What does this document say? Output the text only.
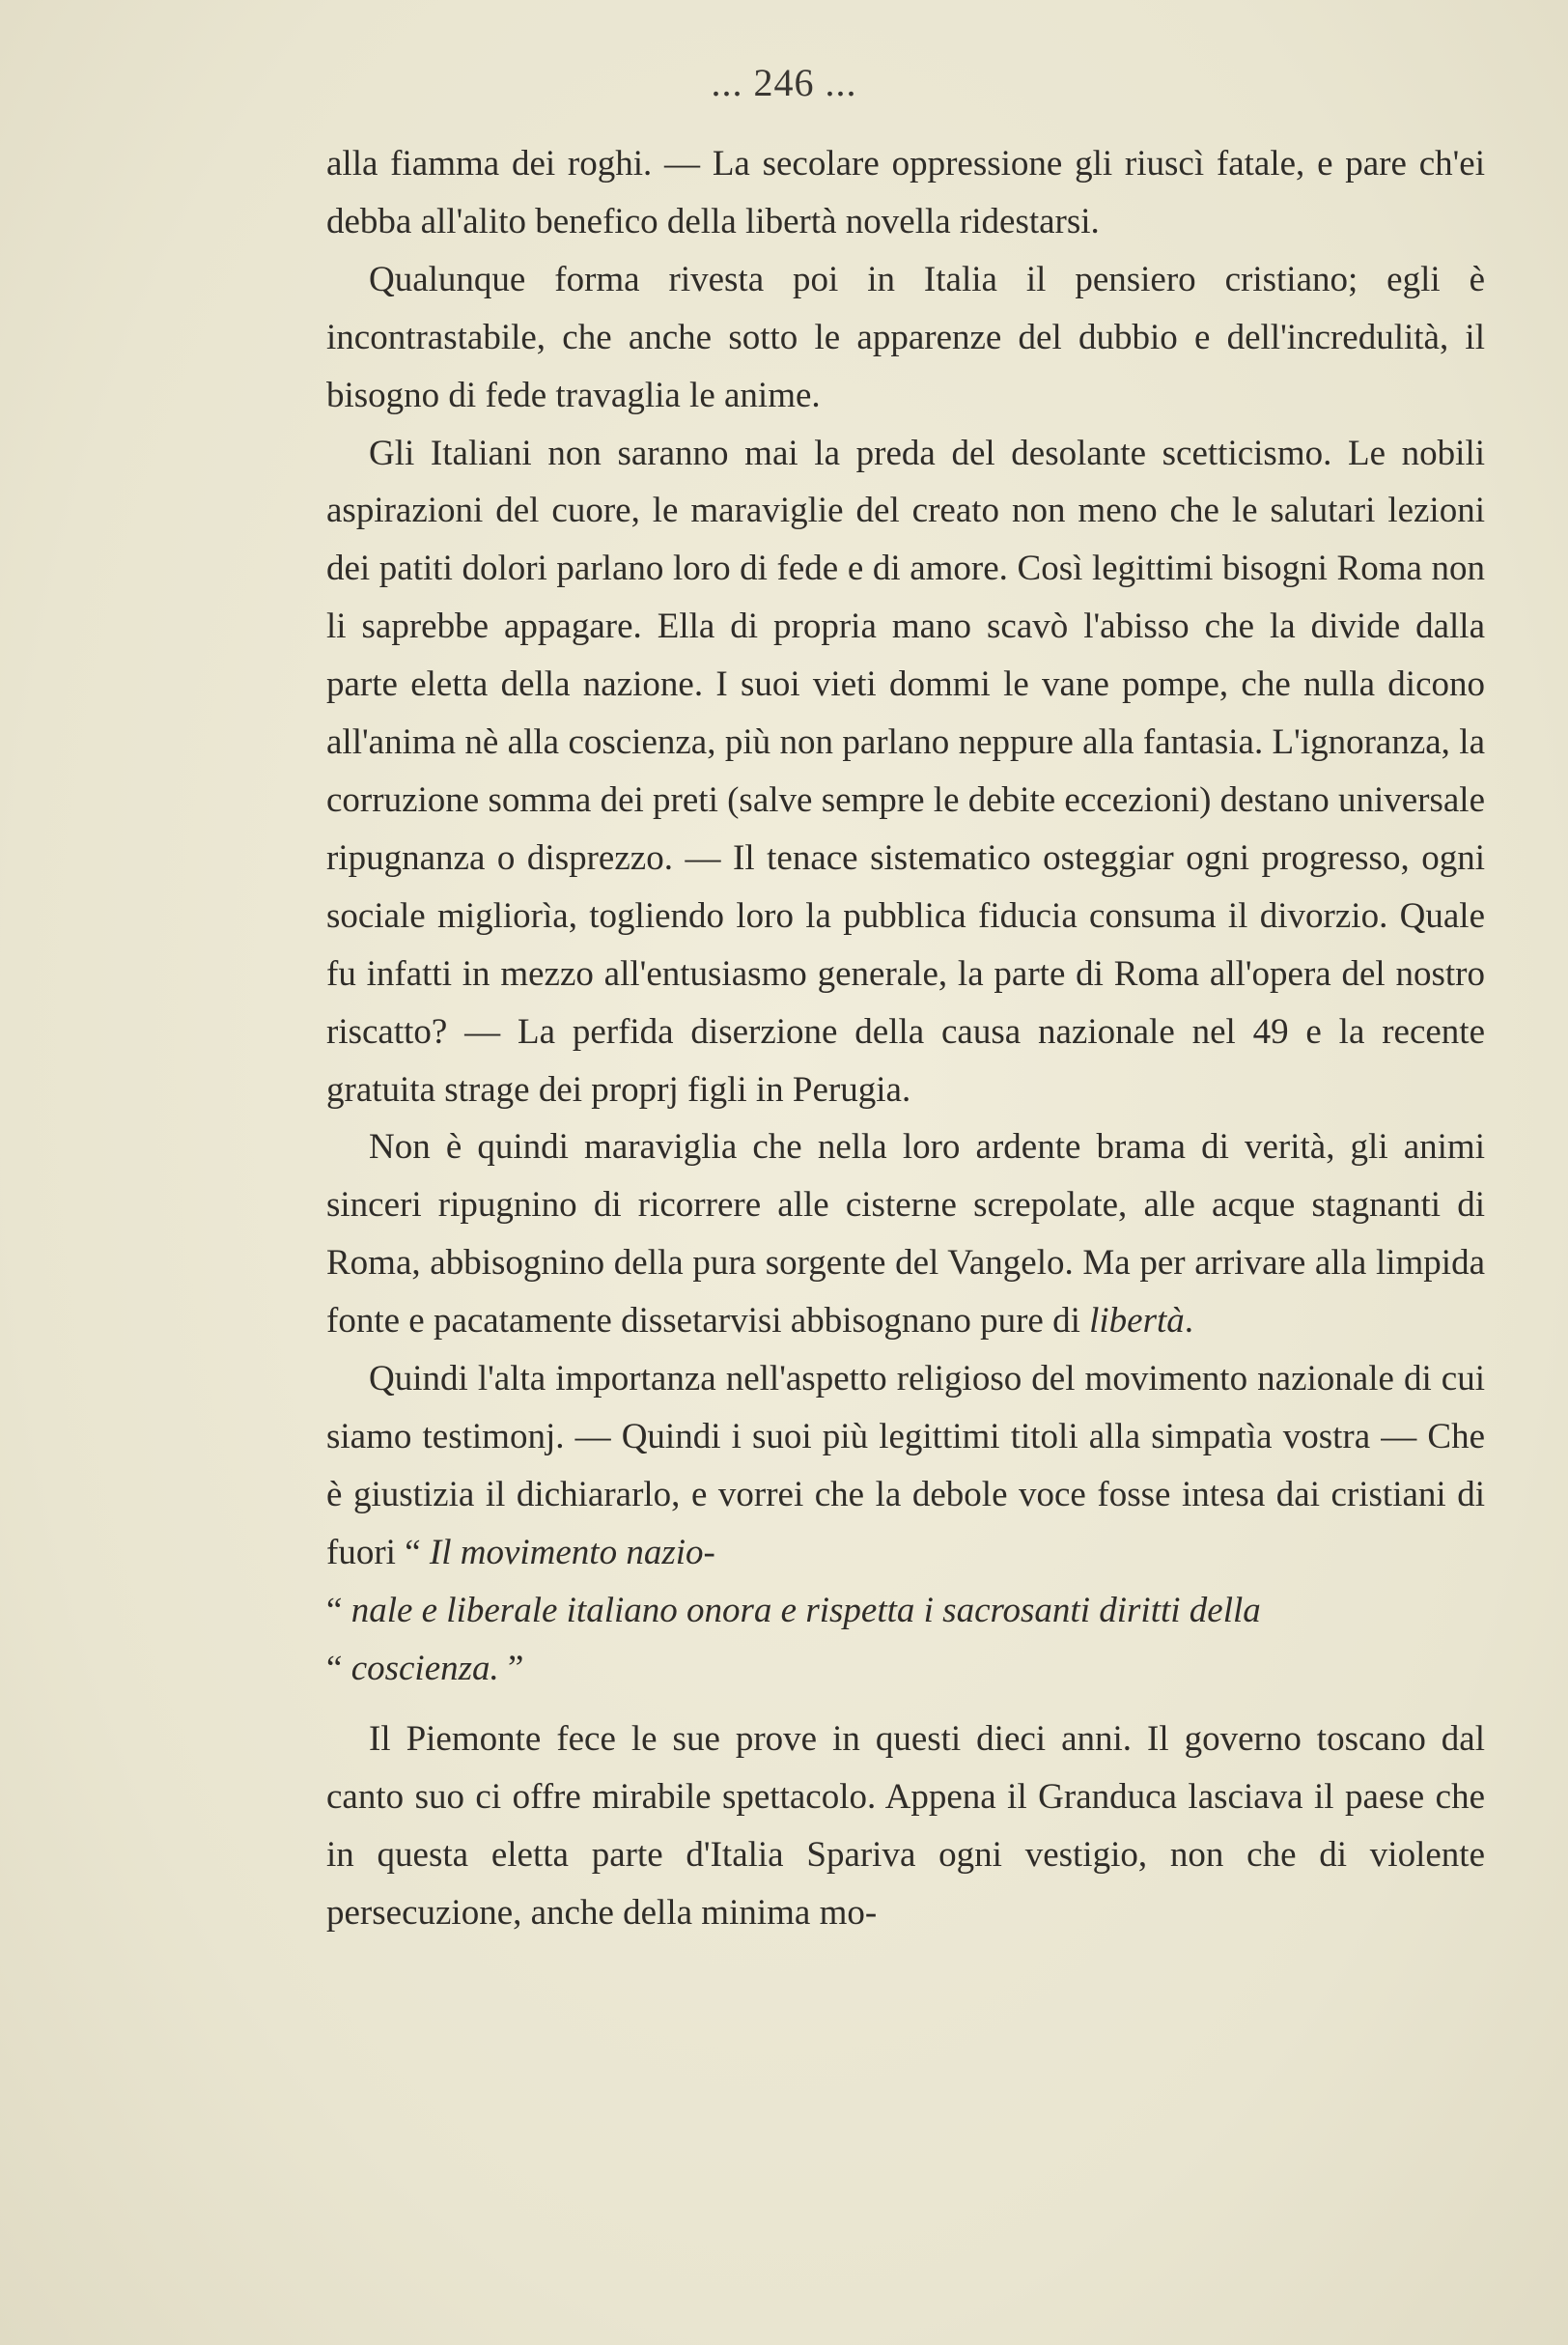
... 246 ...

alla fiamma dei roghi. — La secolare oppressione gli riuscì fatale, e pare ch'ei debba all'alito benefico della libertà novella ridestarsi.

Qualunque forma rivesta poi in Italia il pensiero cristiano; egli è incontrastabile, che anche sotto le apparenze del dubbio e dell'incredulità, il bisogno di fede travaglia le anime.

Gli Italiani non saranno mai la preda del desolante scetticismo. Le nobili aspirazioni del cuore, le maraviglie del creato non meno che le salutari lezioni dei patiti dolori parlano loro di fede e di amore. Così legittimi bisogni Roma non li saprebbe appagare. Ella di propria mano scavò l'abisso che la divide dalla parte eletta della nazione. I suoi vieti dommi le vane pompe, che nulla dicono all'anima nè alla coscienza, più non parlano neppure alla fantasia. L'ignoranza, la corruzione somma dei preti (salve sempre le debite eccezioni) destano universale ripugnanza o disprezzo. — Il tenace sistematico osteggiar ogni progresso, ogni sociale migliorìa, togliendo loro la pubblica fiducia consuma il divorzio. Quale fu infatti in mezzo all'entusiasmo generale, la parte di Roma all'opera del nostro riscatto? — La perfida diserzione della causa nazionale nel 49 e la recente gratuita strage dei proprj figli in Perugia.

Non è quindi maraviglia che nella loro ardente brama di verità, gli animi sinceri ripugnino di ricorrere alle cisterne screpolate, alle acque stagnanti di Roma, abbisognino della pura sorgente del Vangelo. Ma per arrivare alla limpida fonte e pacatamente dissetarvisi abbisognano pure di libertà.

Quindi l'alta importanza nell'aspetto religioso del movimento nazionale di cui siamo testimonj. — Quindi i suoi più legittimi titoli alla simpatìa vostra — Che è giustizia il dichiararlo, e vorrei che la debole voce fosse intesa dai cristiani di fuori “ Il movimento nazio-

“ nale e liberale italiano onora e rispetta i sacrosanti diritti della

“ coscienza. ”

Il Piemonte fece le sue prove in questi dieci anni. Il governo toscano dal canto suo ci offre mirabile spettacolo. Appena il Granduca lasciava il paese che in questa eletta parte d'Italia Spariva ogni vestigio, non che di violente persecuzione, anche della minima mo-
